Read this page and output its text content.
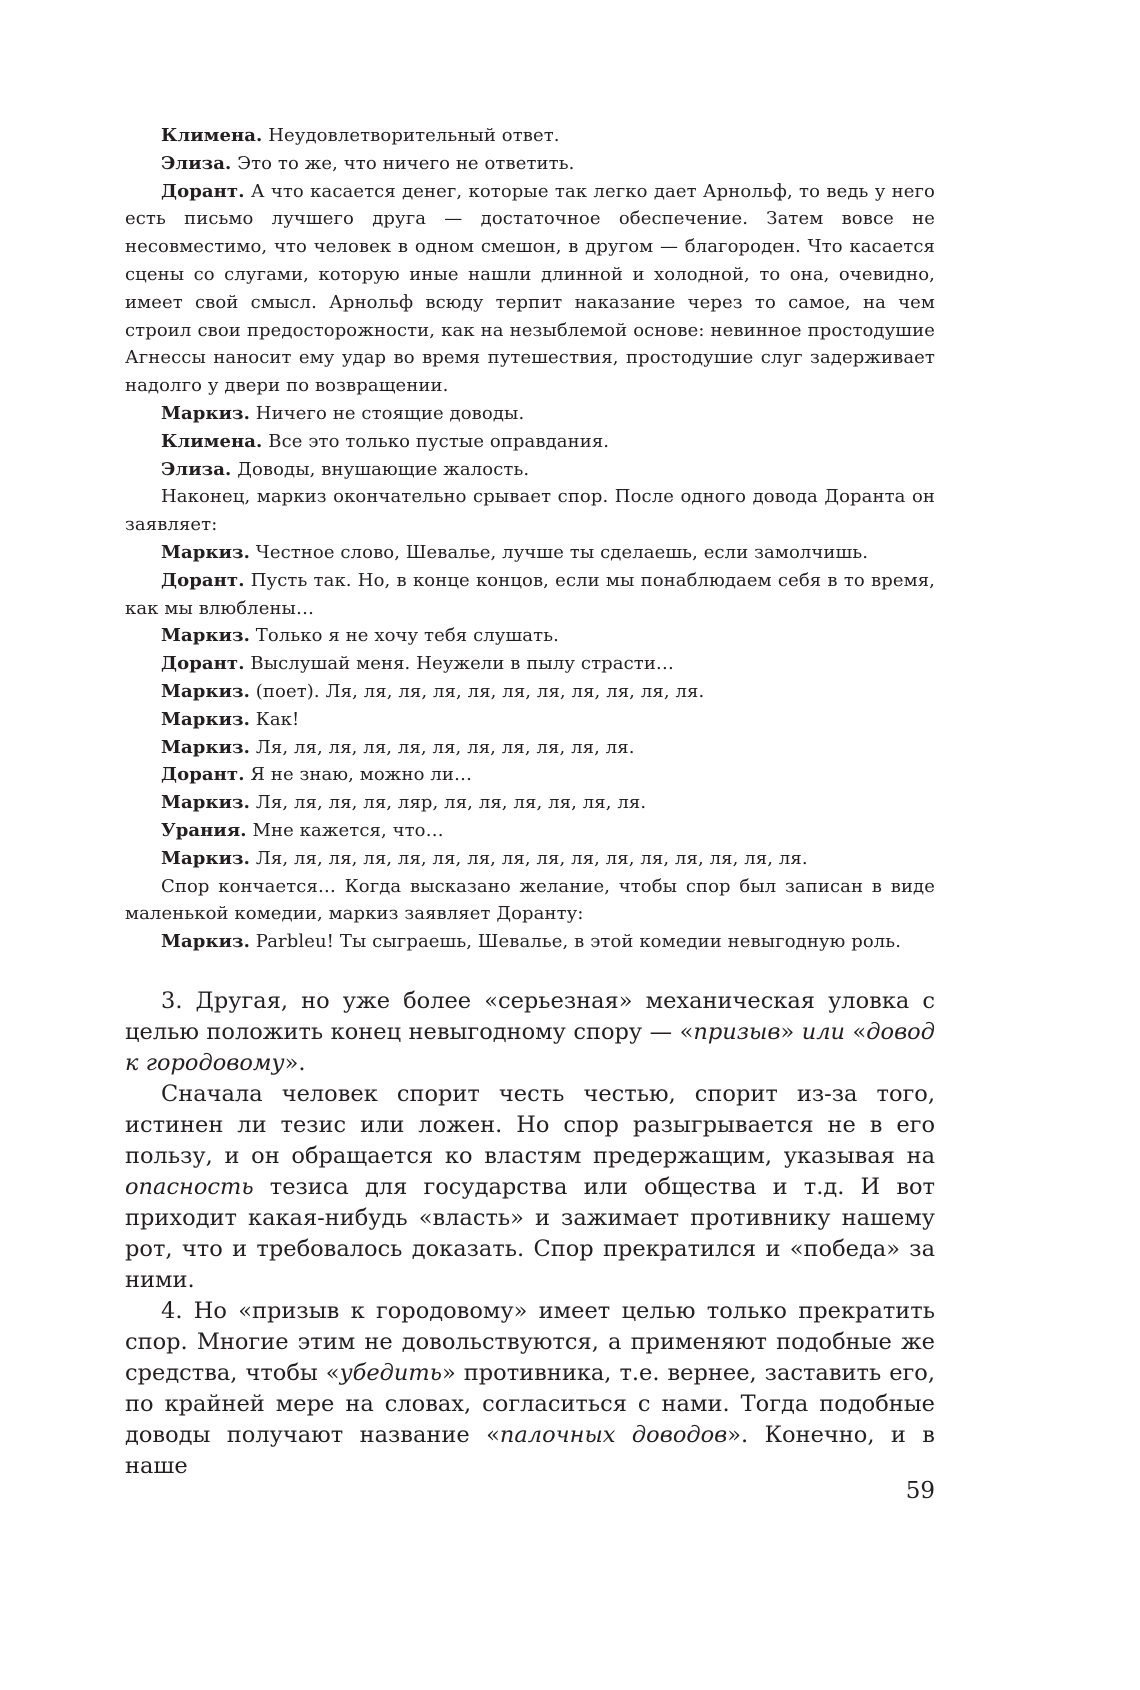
Климена. Неудовлетворительный ответ.

Элиза. Это то же, что ничего не ответить.

Дорант. А что касается денег, которые так легко дает Арнольф, то ведь у него есть письмо лучшего друга — достаточное обеспечение. Затем вовсе не несовместимо, что человек в одном смешон, в другом — благороден. Что касается сцены со слугами, которую иные нашли длинной и холодной, то она, очевидно, имеет свой смысл. Арнольф всюду терпит наказание через то самое, на чем строил свои предосторожности, как на незыблемой основе: невинное простодушие Агнессы наносит ему удар во время путешествия, простодушие слуг задерживает надолго у двери по возвращении.

Маркиз. Ничего не стоящие доводы.

Климена. Все это только пустые оправдания.

Элиза. Доводы, внушающие жалость.

Наконец, маркиз окончательно срывает спор. После одного довода Доранта он заявляет:

Маркиз. Честное слово, Шевалье, лучше ты сделаешь, если замолчишь.

Дорант. Пусть так. Но, в конце концов, если мы понаблюдаем себя в то время, как мы влюблены…

Маркиз. Только я не хочу тебя слушать.

Дорант. Выслушай меня. Неужели в пылу страсти…

Маркиз. (поет). Ля, ля, ля, ля, ля, ля, ля, ля, ля, ля, ля.

Маркиз. Как!

Маркиз. Ля, ля, ля, ля, ля, ля, ля, ля, ля, ля, ля.

Дорант. Я не знаю, можно ли…

Маркиз. Ля, ля, ля, ля, ляр, ля, ля, ля, ля, ля, ля.

Урания. Мне кажется, что…

Маркиз. Ля, ля, ля, ля, ля, ля, ля, ля, ля, ля, ля, ля, ля, ля, ля, ля.

Спор кончается… Когда высказано желание, чтобы спор был записан в виде маленькой комедии, маркиз заявляет Доранту:

Маркиз. Parbleu! Ты сыграешь, Шевалье, в этой комедии невыгодную роль.

3. Другая, но уже более «серьезная» механическая уловка с целью положить конец невыгодному спору — «призыв» или «довод к городовому».

Сначала человек спорит честь честью, спорит из-за того, истинен ли тезис или ложен. Но спор разыгрывается не в его пользу, и он обращается ко властям предержащим, указывая на опасность тезиса для государства или общества и т.д. И вот приходит какая-нибудь «власть» и зажимает противнику нашему рот, что и требовалось доказать. Спор прекратился и «победа» за ними.

4. Но «призыв к городовому» имеет целью только прекратить спор. Многие этим не довольствуются, а применяют подобные же средства, чтобы «убедить» противника, т.е. вернее, заставить его, по крайней мере на словах, согласиться с нами. Тогда подобные доводы получают название «палочных доводов». Конечно, и в наше

59
